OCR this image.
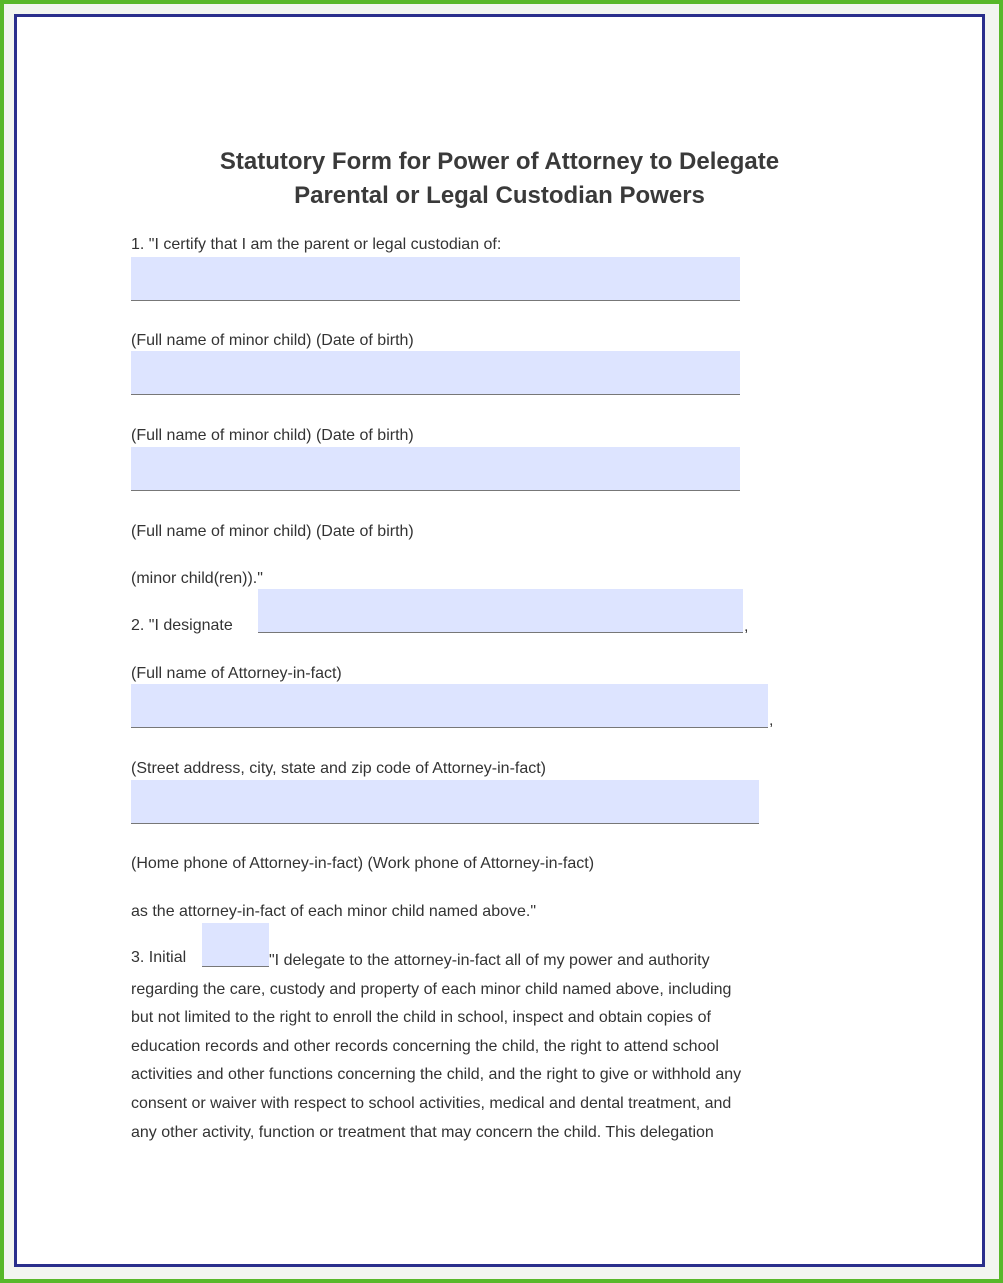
Statutory Form for Power of Attorney to Delegate
Parental or Legal Custodian Powers
1. "I certify that I am the parent or legal custodian of:
(Full name of minor child) (Date of birth)
(Full name of minor child) (Date of birth)
(Full name of minor child) (Date of birth)
(minor child(ren))."
2. "I designate	,
(Full name of Attorney-in-fact)
,
(Street address, city, state and zip code of Attorney-in-fact)
(Home phone of Attorney-in-fact) (Work phone of Attorney-in-fact)
as the attorney-in-fact of each minor child named above."
3. Initial	"I delegate to the attorney-in-fact all of my power and authority
regarding the care, custody and property of each minor child named above, including
but not limited to the right to enroll the child in school, inspect and obtain copies of
education records and other records concerning the child, the right to attend school
activities and other functions concerning the child, and the right to give or withhold any
consent or waiver with respect to school activities, medical and dental treatment, and
any other activity, function or treatment that may concern the child. This delegation
